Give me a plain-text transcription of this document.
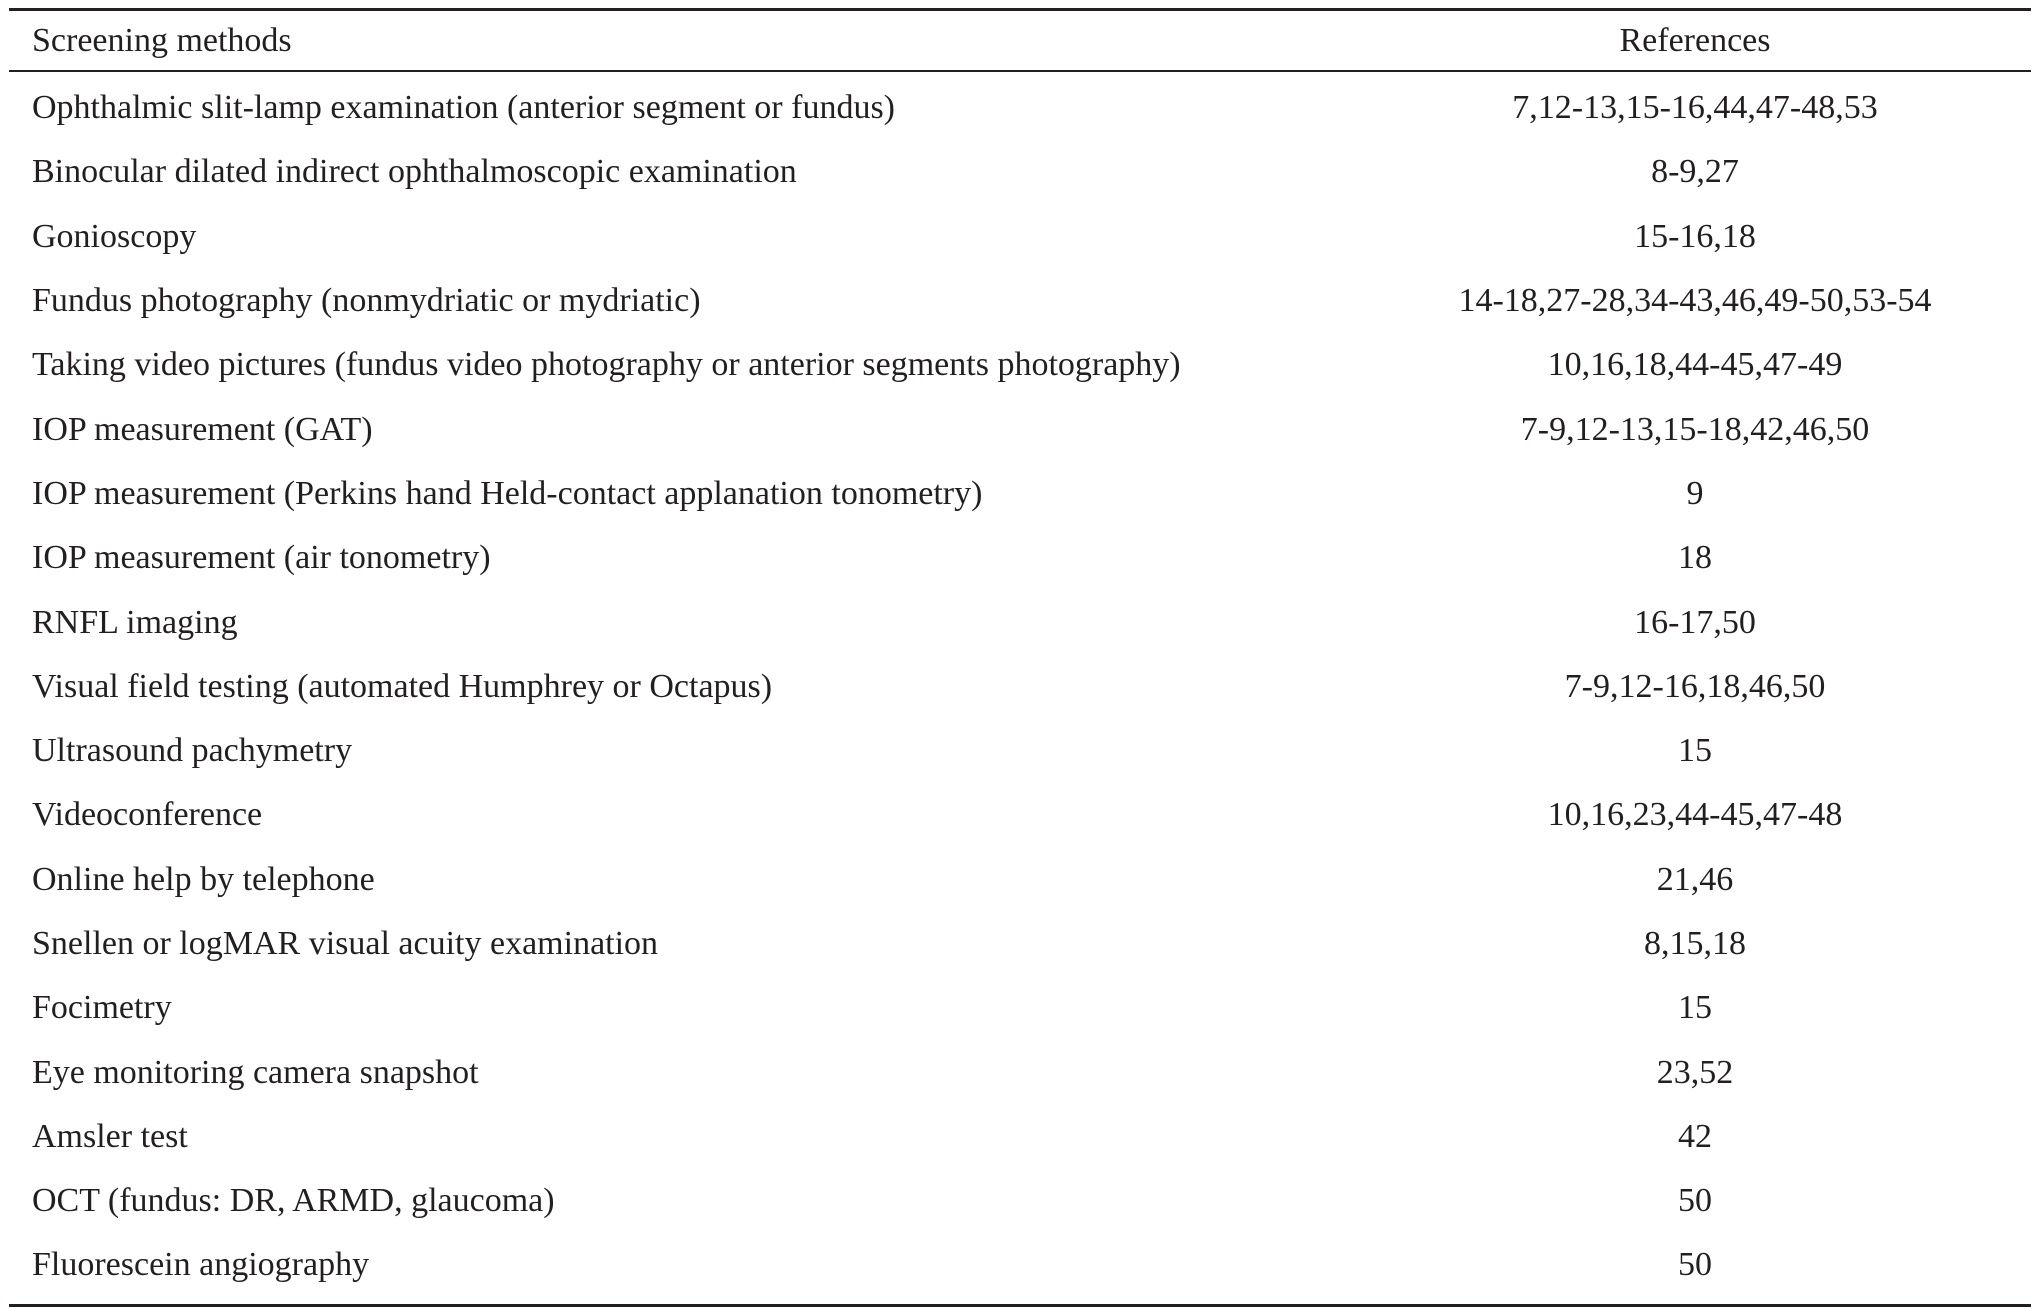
Screening methods	References
Ophthalmic slit-lamp examination (anterior segment or fundus)	7,12-13,15-16,44,47-48,53
Binocular dilated indirect ophthalmoscopic examination	8-9,27
Gonioscopy	15-16,18
Fundus photography (nonmydriatic or mydriatic)	14-18,27-28,34-43,46,49-50,53-54
Taking video pictures (fundus video photography or anterior segments photography)	10,16,18,44-45,47-49
IOP measurement (GAT)	7-9,12-13,15-18,42,46,50
IOP measurement (Perkins hand Held-contact applanation tonometry)	9
IOP measurement (air tonometry)	18
RNFL imaging	16-17,50
Visual field testing (automated Humphrey or Octapus)	7-9,12-16,18,46,50
Ultrasound pachymetry	15
Videoconference	10,16,23,44-45,47-48
Online help by telephone	21,46
Snellen or logMAR visual acuity examination	8,15,18
Focimetry	15
Eye monitoring camera snapshot	23,52
Amsler test	42
OCT (fundus: DR, ARMD, glaucoma)	50
Fluorescein angiography	50
